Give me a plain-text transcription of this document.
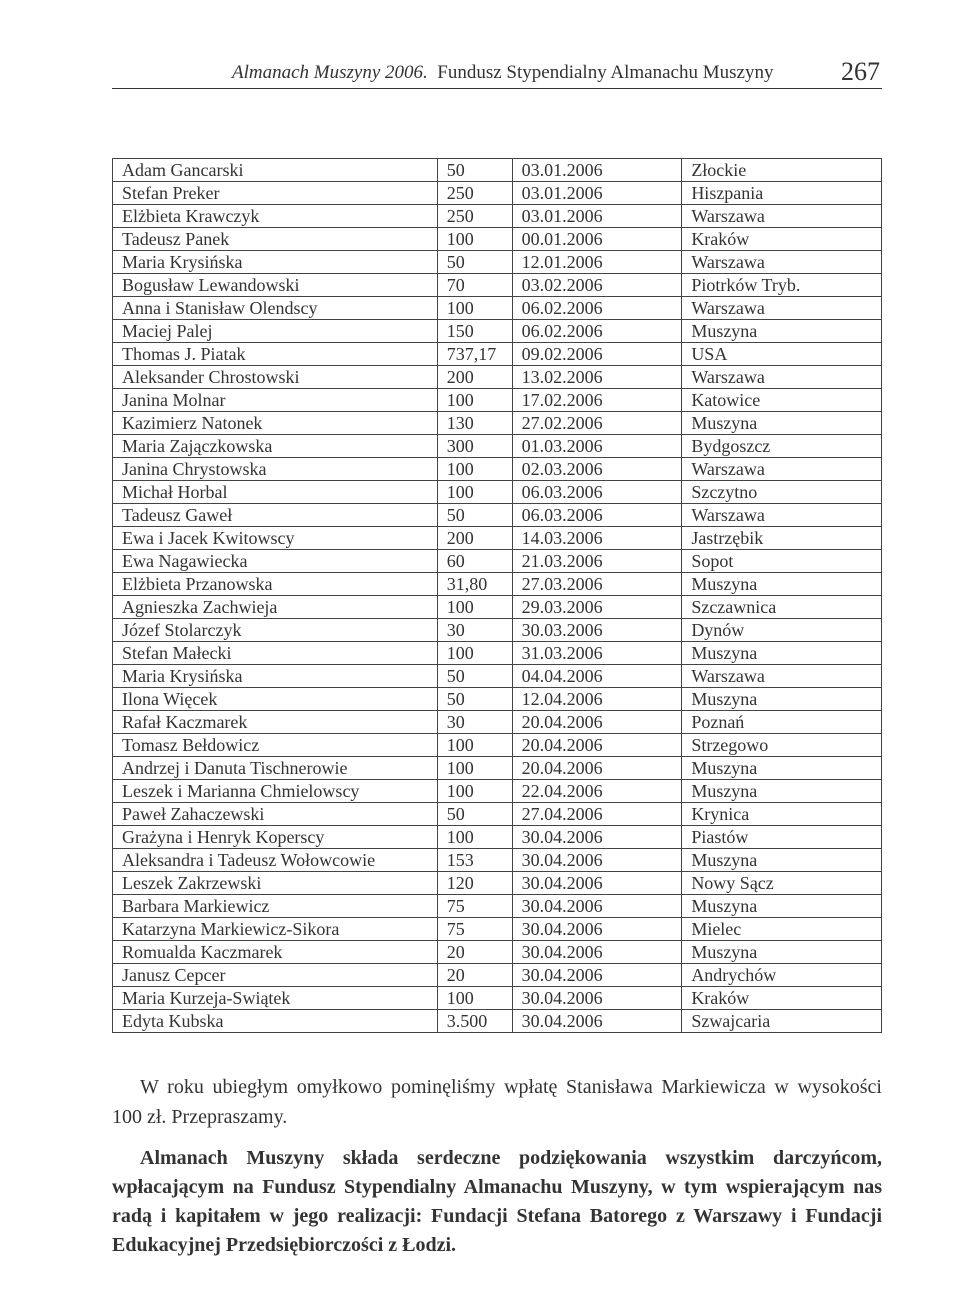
Almanach Muszyny 2006. Fundusz Stypendialny Almanachu Muszyny	267
Adam Gancarski	50	03.01.2006	Złockie
Stefan Preker	250	03.01.2006	Hiszpania
Elżbieta Krawczyk	250	03.01.2006	Warszawa
Tadeusz Panek	100	00.01.2006	Kraków
Maria Krysińska	50	12.01.2006	Warszawa
Bogusław Lewandowski	70	03.02.2006	Piotrków Tryb.
Anna i Stanisław Olendscy	100	06.02.2006	Warszawa
Maciej Palej	150	06.02.2006	Muszyna
Thomas J. Piatak	737,17	09.02.2006	USA
Aleksander Chrostowski	200	13.02.2006	Warszawa
Janina Molnar	100	17.02.2006	Katowice
Kazimierz Natonek	130	27.02.2006	Muszyna
Maria Zajączkowska	300	01.03.2006	Bydgoszcz
Janina Chrystowska	100	02.03.2006	Warszawa
Michał Horbal	100	06.03.2006	Szczytno
Tadeusz Gaweł	50	06.03.2006	Warszawa
Ewa i Jacek Kwitowscy	200	14.03.2006	Jastrzębik
Ewa Nagawiecka	60	21.03.2006	Sopot
Elżbieta Przanowska	31,80	27.03.2006	Muszyna
Agnieszka Zachwieja	100	29.03.2006	Szczawnica
Józef Stolarczyk	30	30.03.2006	Dynów
Stefan Małecki	100	31.03.2006	Muszyna
Maria Krysińska	50	04.04.2006	Warszawa
Ilona Więcek	50	12.04.2006	Muszyna
Rafał Kaczmarek	30	20.04.2006	Poznań
Tomasz Bełdowicz	100	20.04.2006	Strzegowo
Andrzej i Danuta Tischnerowie	100	20.04.2006	Muszyna
Leszek i Marianna Chmielowscy	100	22.04.2006	Muszyna
Paweł Zahaczewski	50	27.04.2006	Krynica
Grażyna i Henryk Koperscy	100	30.04.2006	Piastów
Aleksandra i Tadeusz Wołowcowie	153	30.04.2006	Muszyna
Leszek Zakrzewski	120	30.04.2006	Nowy Sącz
Barbara Markiewicz	75	30.04.2006	Muszyna
Katarzyna Markiewicz-Sikora	75	30.04.2006	Mielec
Romualda Kaczmarek	20	30.04.2006	Muszyna
Janusz Cepcer	20	30.04.2006	Andrychów
Maria Kurzeja-Swiątek	100	30.04.2006	Kraków
Edyta Kubska	3.500	30.04.2006	Szwajcaria

W roku ubiegłym omyłkowo pominęliśmy wpłatę Stanisława Markiewicza w wysokości 100 zł. Przepraszamy.

Almanach Muszyny składa serdeczne podziękowania wszystkim darczyńcom, wpłacającym na Fundusz Stypendialny Almanachu Muszyny, w tym wspierającym nas radą i kapitałem w jego realizacji: Fundacji Stefana Batorego z Warszawy i Fundacji Edukacyjnej Przedsiębiorczości z Łodzi.
